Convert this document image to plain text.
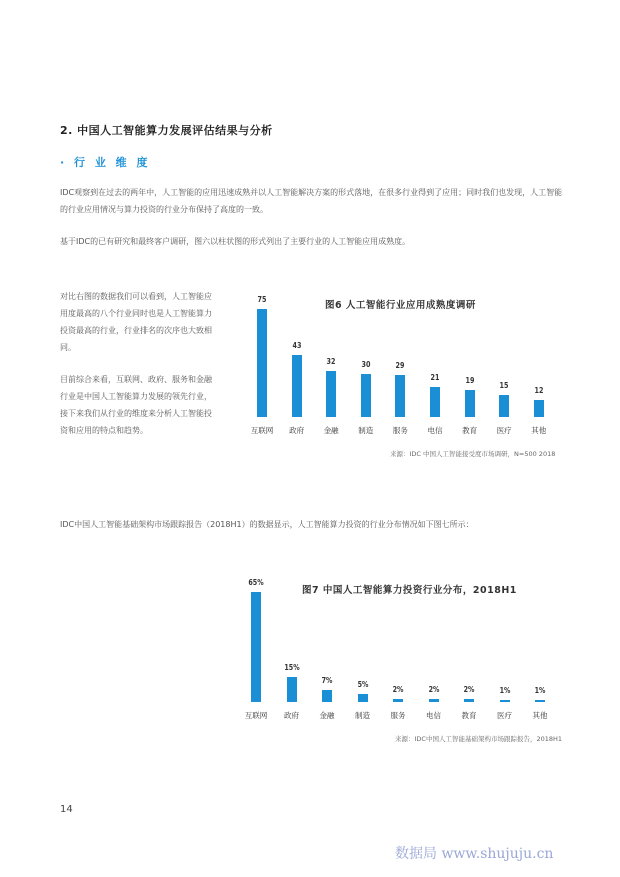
2. 中国人工智能算力发展评估结果与分析
· 行 业 维 度
IDC观察到在过去的两年中，人工智能的应用迅速成熟并以人工智能解决方案的形式落地，在很多行业得到了应用；同时我们也发现，人工智能的行业应用情况与算力投资的行业分布保持了高度的一致。
基于IDC的已有研究和最终客户调研，图六以柱状图的形式列出了主要行业的人工智能应用成熟度。

对比右图的数据我们可以看到，人工智能应用度最高的八个行业同时也是人工智能算力投资最高的行业，行业排名的次序也大致相同。

目前综合来看，互联网、政府、服务和金融行业是中国人工智能算力发展的领先行业，接下来我们从行业的维度来分析人工智能投资和应用的特点和趋势。

图6 人工智能行业应用成熟度调研
来源：IDC 中国人工智能接受度市场调研，N=500 2018
75
互联网
43
政府
32
金融
30
制造
29
服务
21
电信
19
教育
15
医疗
12
其他
IDC中国人工智能基础架构市场跟踪报告（2018H1）的数据显示，人工智能算力投资的行业分布情况如下图七所示：
图7 中国人工智能算力投资行业分布，2018H1
来源：IDC中国人工智能基础架构市场跟踪报告，2018H1
65%
互联网
15%
政府
7%
金融
5%
制造
2%
服务
2%
电信
2%
教育
1%
医疗
1%
其他
14
数据局 www.shujuju.cn
